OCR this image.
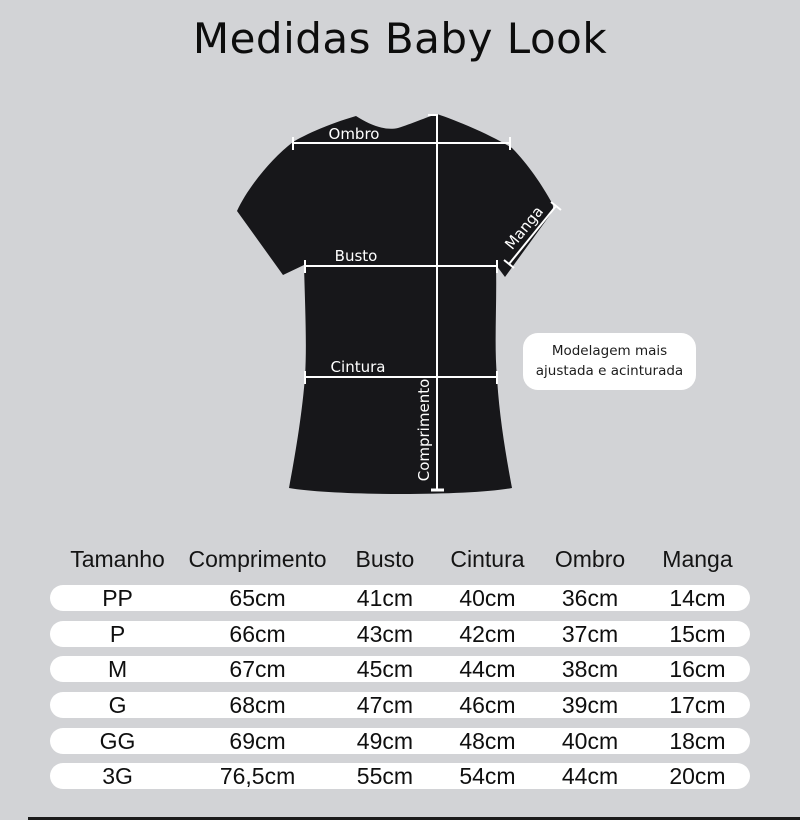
Medidas Baby Look
Ombro
Comprimento
Busto
Cintura
Manga
Modelagem mais
ajustada e acinturada
Tamanho	Comprimento	Busto	Cintura	Ombro	Manga
PP	65cm	41cm	40cm	36cm	14cm
P	66cm	43cm	42cm	37cm	15cm
M	67cm	45cm	44cm	38cm	16cm
G	68cm	47cm	46cm	39cm	17cm
GG	69cm	49cm	48cm	40cm	18cm
3G	76,5cm	55cm	54cm	44cm	20cm
